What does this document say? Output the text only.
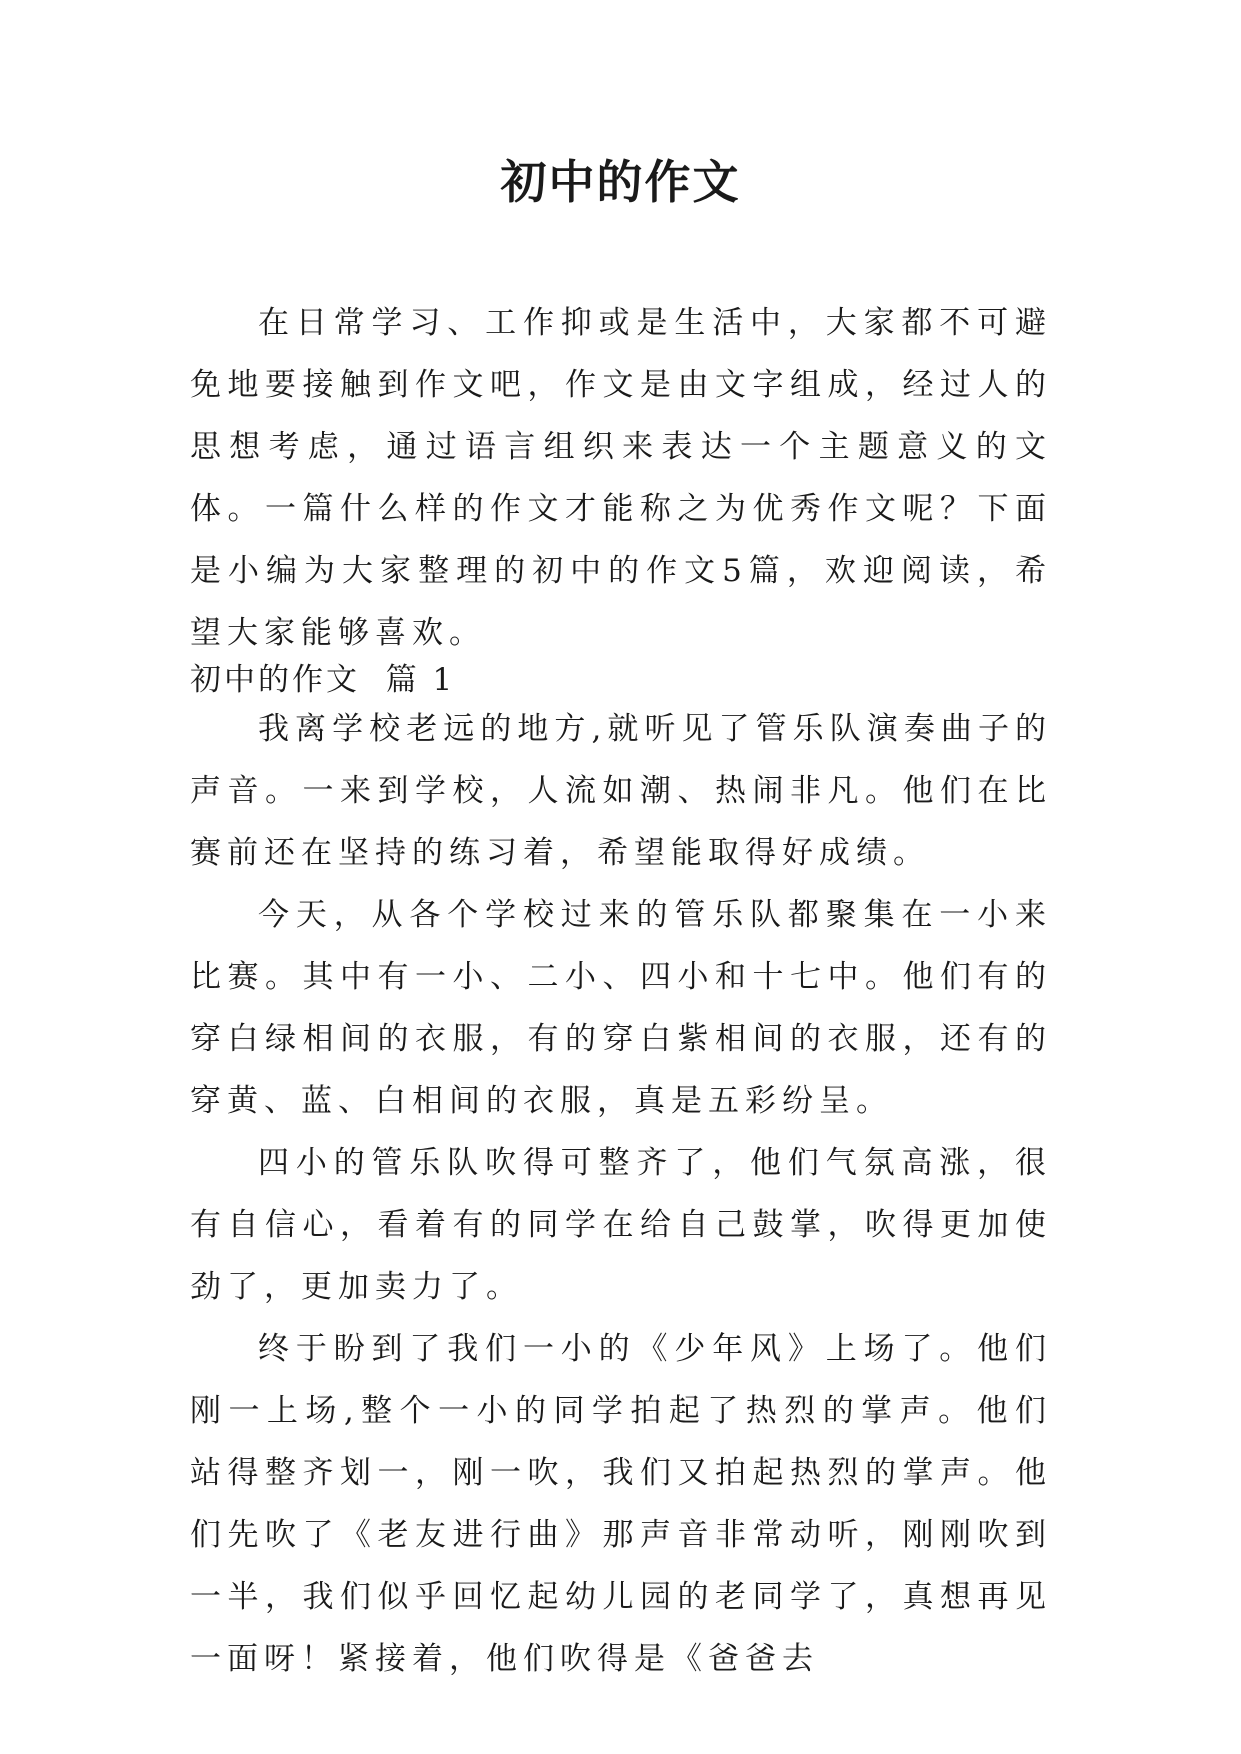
初中的作文

在日常学习、工作抑或是生活中，大家都不可避免地要接触到作文吧，作文是由文字组成，经过人的思想考虑，通过语言组织来表达一个主题意义的文体。一篇什么样的作文才能称之为优秀作文呢？下面是小编为大家整理的初中的作文5篇，欢迎阅读，希望大家能够喜欢。

初中的作文  篇 1

我离学校老远的地方,就听见了管乐队演奏曲子的声音。一来到学校，人流如潮、热闹非凡。他们在比赛前还在坚持的练习着，希望能取得好成绩。

今天，从各个学校过来的管乐队都聚集在一小来比赛。其中有一小、二小、四小和十七中。他们有的穿白绿相间的衣服，有的穿白紫相间的衣服，还有的穿黄、蓝、白相间的衣服，真是五彩纷呈。

四小的管乐队吹得可整齐了，他们气氛高涨，很有自信心，看着有的同学在给自己鼓掌，吹得更加使劲了，更加卖力了。

终于盼到了我们一小的《少年风》上场了。他们刚一上场,整个一小的同学拍起了热烈的掌声。他们站得整齐划一，刚一吹，我们又拍起热烈的掌声。他们先吹了《老友进行曲》那声音非常动听，刚刚吹到一半，我们似乎回忆起幼儿园的老同学了，真想再见一面呀！紧接着，他们吹得是《爸爸去
